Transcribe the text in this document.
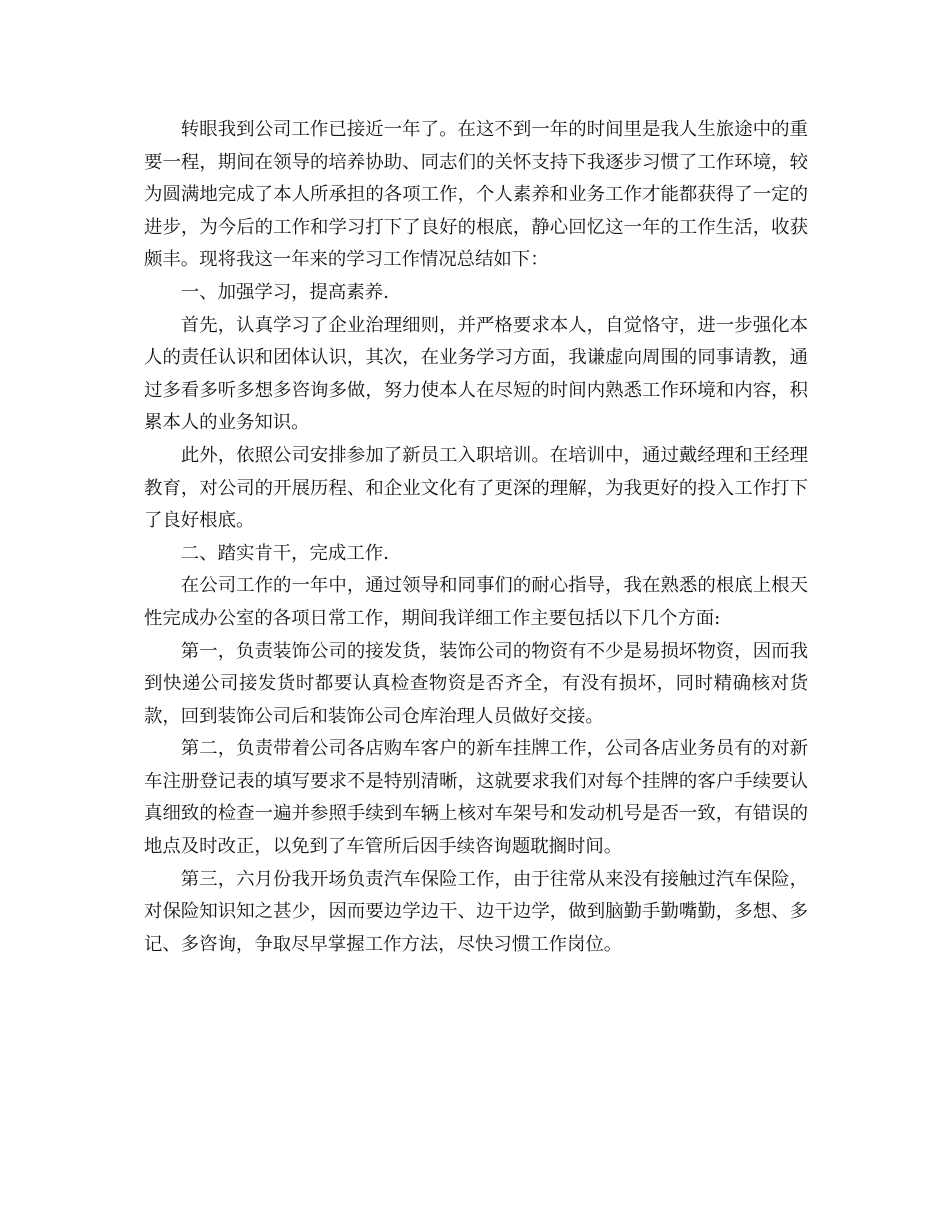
转眼我到公司工作已接近一年了。在这不到一年的时间里是我人生旅途中的重要一程，期间在领导的培养协助、同志们的关怀支持下我逐步习惯了工作环境，较为圆满地完成了本人所承担的各项工作，个人素养和业务工作才能都获得了一定的进步，为今后的工作和学习打下了良好的根底，静心回忆这一年的工作生活，收获颇丰。现将我这一年来的学习工作情况总结如下：

一、加强学习，提高素养.

首先，认真学习了企业治理细则，并严格要求本人，自觉恪守，进一步强化本人的责任认识和团体认识，其次，在业务学习方面，我谦虚向周围的同事请教，通过多看多听多想多咨询多做，努力使本人在尽短的时间内熟悉工作环境和内容，积累本人的业务知识。

此外，依照公司安排参加了新员工入职培训。在培训中，通过戴经理和王经理教育，对公司的开展历程、和企业文化有了更深的理解，为我更好的投入工作打下了良好根底。

二、踏实肯干，完成工作.

在公司工作的一年中，通过领导和同事们的耐心指导，我在熟悉的根底上根天性完成办公室的各项日常工作，期间我详细工作主要包括以下几个方面:

第一，负责装饰公司的接发货，装饰公司的物资有不少是易损坏物资，因而我到快递公司接发货时都要认真检查物资是否齐全，有没有损坏，同时精确核对货款，回到装饰公司后和装饰公司仓库治理人员做好交接。

第二，负责带着公司各店购车客户的新车挂牌工作，公司各店业务员有的对新车注册登记表的填写要求不是特别清晰，这就要求我们对每个挂牌的客户手续要认真细致的检查一遍并参照手续到车辆上核对车架号和发动机号是否一致，有错误的地点及时改正，以免到了车管所后因手续咨询题耽搁时间。

第三，六月份我开场负责汽车保险工作，由于往常从来没有接触过汽车保险，对保险知识知之甚少，因而要边学边干、边干边学，做到脑勤手勤嘴勤，多想、多记、多咨询，争取尽早掌握工作方法，尽快习惯工作岗位。
